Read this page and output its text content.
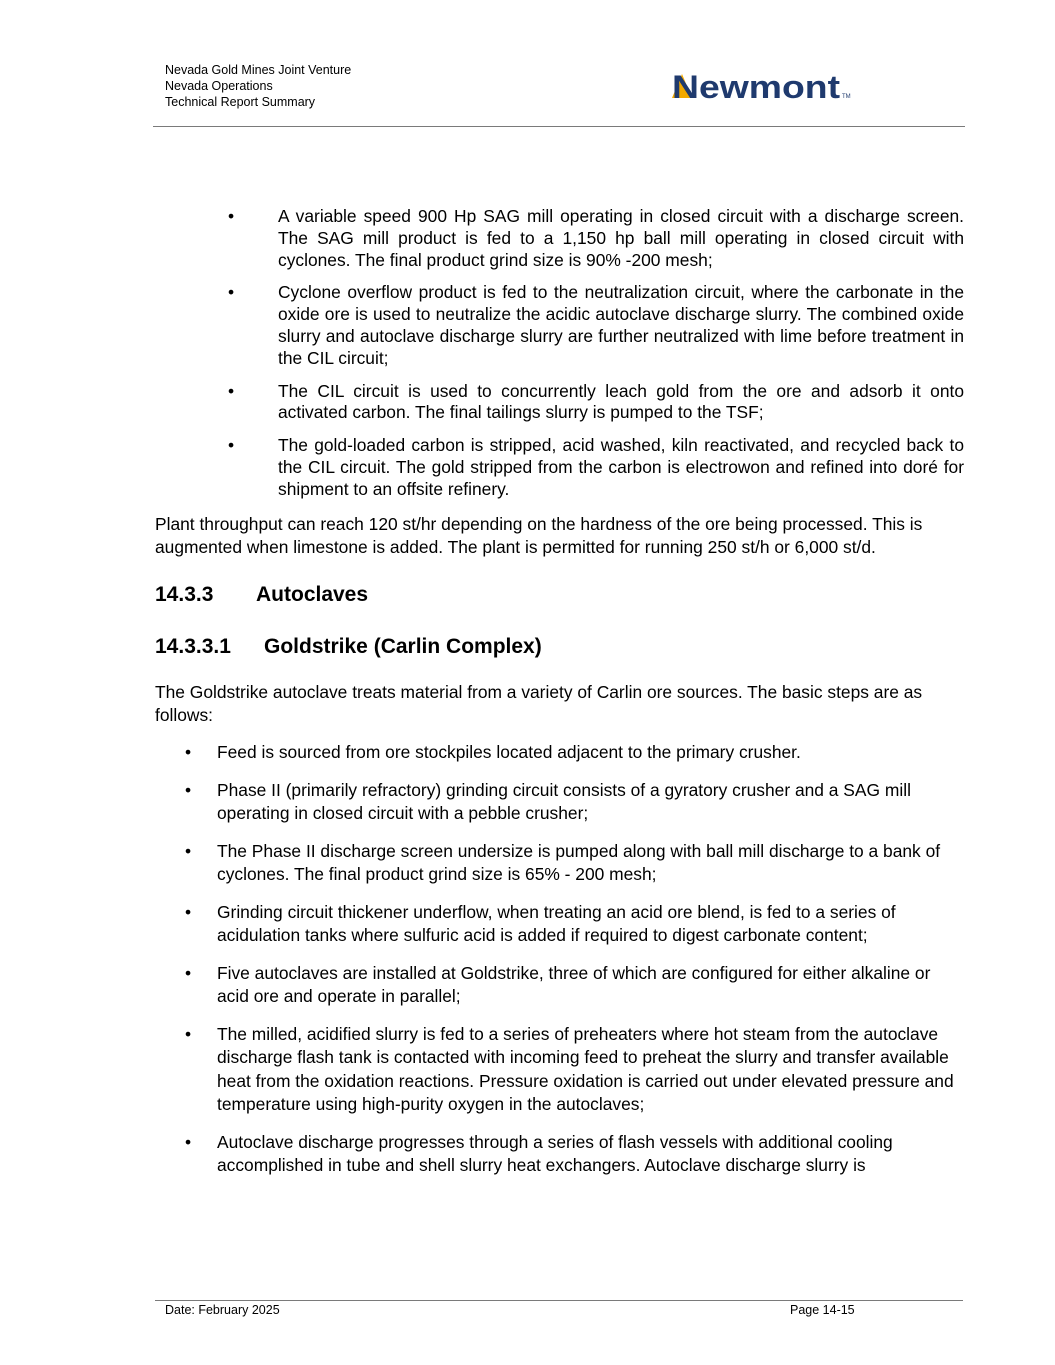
Nevada Gold Mines Joint Venture
Nevada Operations
Technical Report Summary	Newmont TM
•	A variable speed 900 Hp SAG mill operating in closed circuit with a discharge screen. The SAG mill product is fed to a 1,150 hp ball mill operating in closed circuit with cyclones. The final product grind size is 90% -200 mesh;
•	Cyclone overflow product is fed to the neutralization circuit, where the carbonate in the oxide ore is used to neutralize the acidic autoclave discharge slurry. The combined oxide slurry and autoclave discharge slurry are further neutralized with lime before treatment in the CIL circuit;
•	The CIL circuit is used to concurrently leach gold from the ore and adsorb it onto activated carbon. The final tailings slurry is pumped to the TSF;
•	The gold-loaded carbon is stripped, acid washed, kiln reactivated, and recycled back to the CIL circuit. The gold stripped from the carbon is electrowon and refined into doré for shipment to an offsite refinery.

Plant throughput can reach 120 st/hr depending on the hardness of the ore being processed. This is augmented when limestone is added. The plant is permitted for running 250 st/h or 6,000 st/d.

14.3.3 Autoclaves
14.3.3.1 Goldstrike (Carlin Complex)

The Goldstrike autoclave treats material from a variety of Carlin ore sources. The basic steps are as follows:

• Feed is sourced from ore stockpiles located adjacent to the primary crusher.
• Phase II (primarily refractory) grinding circuit consists of a gyratory crusher and a SAG mill operating in closed circuit with a pebble crusher;
• The Phase II discharge screen undersize is pumped along with ball mill discharge to a bank of cyclones. The final product grind size is 65% - 200 mesh;
• Grinding circuit thickener underflow, when treating an acid ore blend, is fed to a series of acidulation tanks where sulfuric acid is added if required to digest carbonate content;
• Five autoclaves are installed at Goldstrike, three of which are configured for either alkaline or acid ore and operate in parallel;
• The milled, acidified slurry is fed to a series of preheaters where hot steam from the autoclave discharge flash tank is contacted with incoming feed to preheat the slurry and transfer available heat from the oxidation reactions. Pressure oxidation is carried out under elevated pressure and temperature using high-purity oxygen in the autoclaves;
• Autoclave discharge progresses through a series of flash vessels with additional cooling accomplished in tube and shell slurry heat exchangers. Autoclave discharge slurry is
Date: February 2025	Page 14-15
